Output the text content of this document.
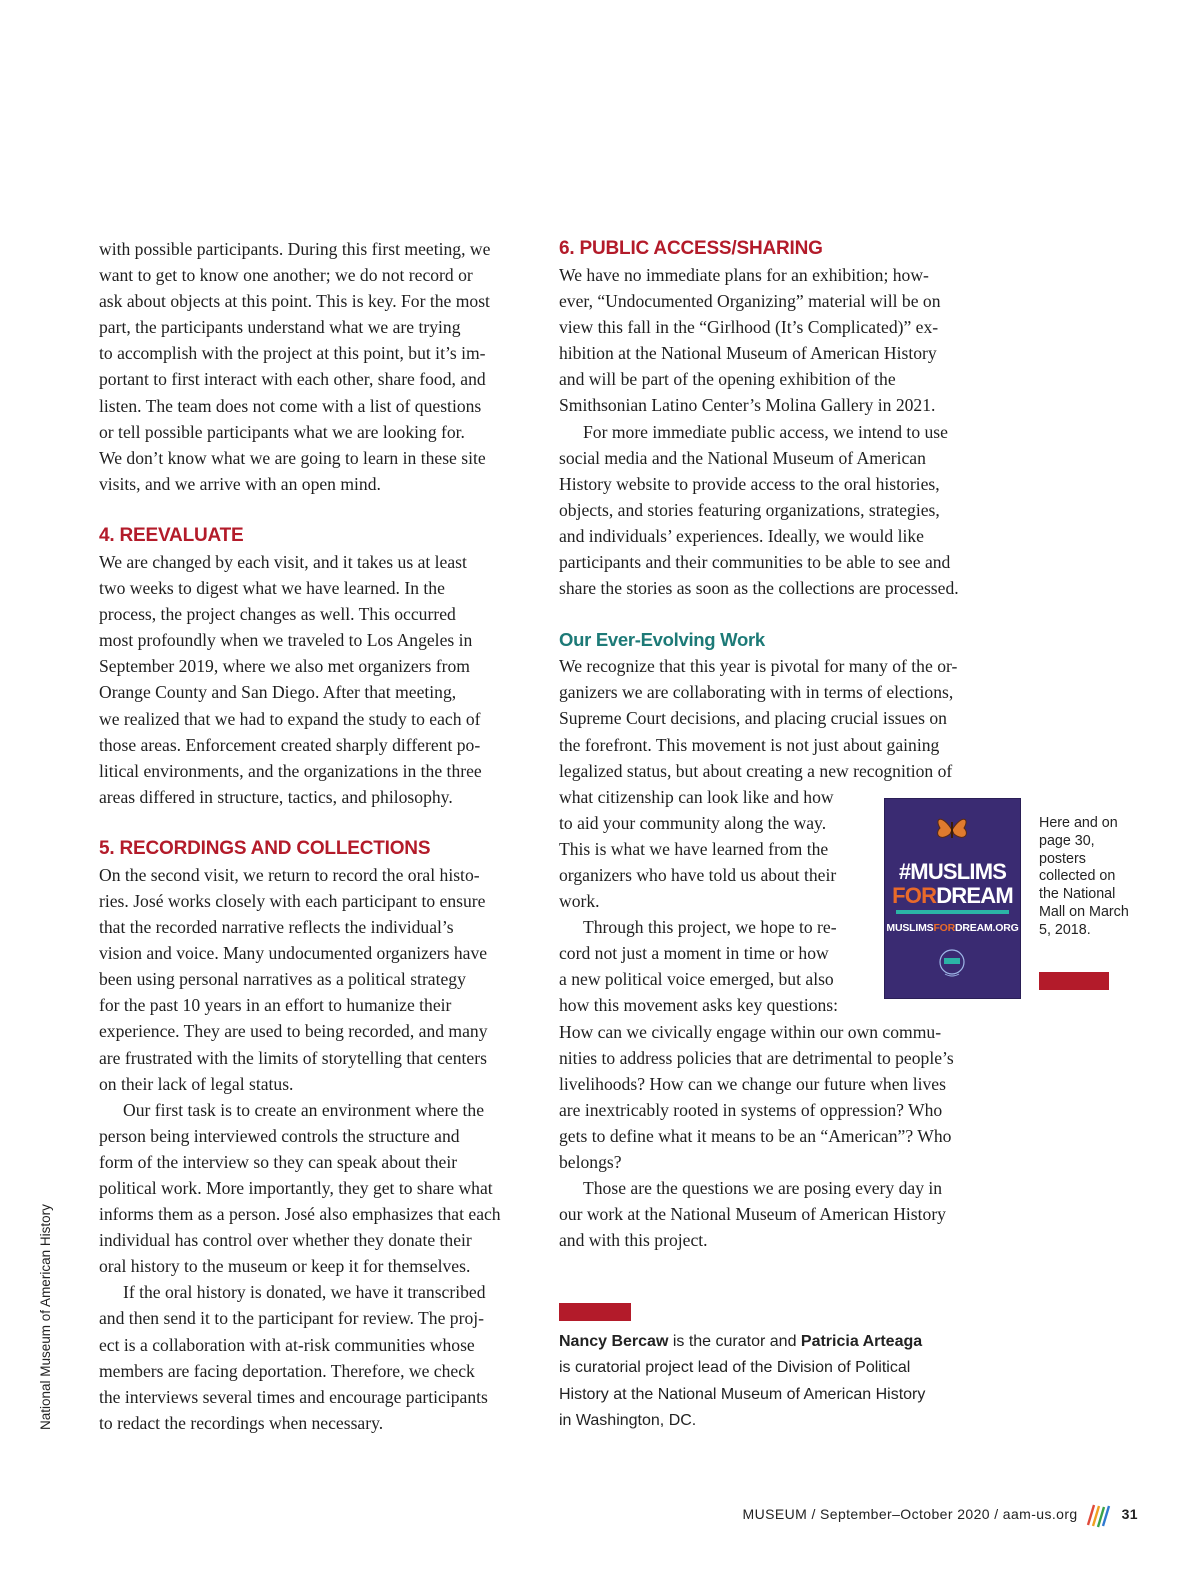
with possible participants. During this first meeting, we
want to get to know one another; we do not record or
ask about objects at this point. This is key. For the most
part, the participants understand what we are trying
to accomplish with the project at this point, but it’s im-
portant to first interact with each other, share food, and
listen. The team does not come with a list of questions
or tell possible participants what we are looking for.
We don’t know what we are going to learn in these site
visits, and we arrive with an open mind.

4. REEVALUATE

We are changed by each visit, and it takes us at least
two weeks to digest what we have learned. In the
process, the project changes as well. This occurred
most profoundly when we traveled to Los Angeles in
September 2019, where we also met organizers from
Orange County and San Diego. After that meeting,
we realized that we had to expand the study to each of
those areas. Enforcement created sharply different po-
litical environments, and the organizations in the three
areas differed in structure, tactics, and philosophy.

5. RECORDINGS AND COLLECTIONS

On the second visit, we return to record the oral histo-
ries. José works closely with each participant to ensure
that the recorded narrative reflects the individual’s
vision and voice. Many undocumented organizers have
been using personal narratives as a political strategy
for the past 10 years in an effort to humanize their
experience. They are used to being recorded, and many
are frustrated with the limits of storytelling that centers
on their lack of legal status.

Our first task is to create an environment where the
person being interviewed controls the structure and
form of the interview so they can speak about their
political work. More importantly, they get to share what
informs them as a person. José also emphasizes that each
individual has control over whether they donate their
oral history to the museum or keep it for themselves.

If the oral history is donated, we have it transcribed
and then send it to the participant for review. The proj-
ect is a collaboration with at-risk communities whose
members are facing deportation. Therefore, we check
the interviews several times and encourage participants
to redact the recordings when necessary.

6. PUBLIC ACCESS/SHARING

We have no immediate plans for an exhibition; how-
ever, “Undocumented Organizing” material will be on
view this fall in the “Girlhood (It’s Complicated)” ex-
hibition at the National Museum of American History
and will be part of the opening exhibition of the
Smithsonian Latino Center’s Molina Gallery in 2021.

For more immediate public access, we intend to use
social media and the National Museum of American
History website to provide access to the oral histories,
objects, and stories featuring organizations, strategies,
and individuals’ experiences. Ideally, we would like
participants and their communities to be able to see and
share the stories as soon as the collections are processed.

Our Ever-Evolving Work

We recognize that this year is pivotal for many of the or-
ganizers we are collaborating with in terms of elections,
Supreme Court decisions, and placing crucial issues on
the forefront. This movement is not just about gaining
legalized status, but about creating a new recognition of
what citizenship can look like and how
to aid your community along the way.
This is what we have learned from the
organizers who have told us about their
work.

Through this project, we hope to re-
cord not just a moment in time or how
a new political voice emerged, but also
how this movement asks key questions:
How can we civically engage within our own commu-
nities to address policies that are detrimental to people’s
livelihoods? How can we change our future when lives
are inextricably rooted in systems of oppression? Who
gets to define what it means to be an “American”? Who
belongs?

Those are the questions we are posing every day in
our work at the National Museum of American History
and with this project.

#MUSLIMS
FORDREAM
MUSLIMSFORDREAM.ORG
Here and on page 30, posters collected on the National Mall on March 5, 2018.
Nancy Bercaw is the curator and Patricia Arteaga
is curatorial project lead of the Division of Political
History at the National Museum of American History
in Washington, DC.
National Museum of American History
MUSEUM / September–October 2020 / aam-us.org	31
